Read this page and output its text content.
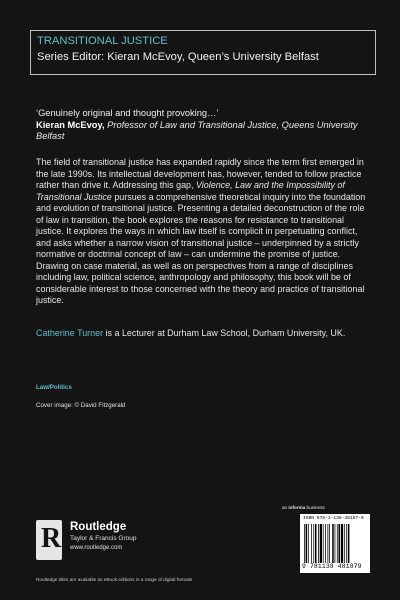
TRANSITIONAL JUSTICE
Series Editor: Kieran McEvoy, Queen’s University Belfast
‘Genuinely original and thought provoking…’
Kieran McEvoy, Professor of Law and Transitional Justice, Queens University Belfast
The field of transitional justice has expanded rapidly since the term first emerged in the late 1990s. Its intellectual development has, however, tended to follow practice rather than drive it. Addressing this gap, Violence, Law and the Impossibility of Transitional Justice pursues a comprehensive theoretical inquiry into the foundation and evolution of transitional justice. Presenting a detailed deconstruction of the role of law in transition, the book explores the reasons for resistance to transitional justice. It explores the ways in which law itself is complicit in perpetuating conflict, and asks whether a narrow vision of transitional justice – underpinned by a strictly normative or doctrinal concept of law – can undermine the promise of justice. Drawing on case material, as well as on perspectives from a range of disciplines including law, political science, anthropology and philosophy, this book will be of considerable interest to those concerned with the theory and practice of transitional justice.
Catherine Turner is a Lecturer at Durham Law School, Durham University, UK.
Law/Politics
Cover image: © David Fitzgerald
an informa business
R Routledge
Taylor & Francis Group
www.routledge.com
ISBN 978-1-138-48187-9
9 781138 481879
Routledge titles are available as eBook editions in a range of digital formats
